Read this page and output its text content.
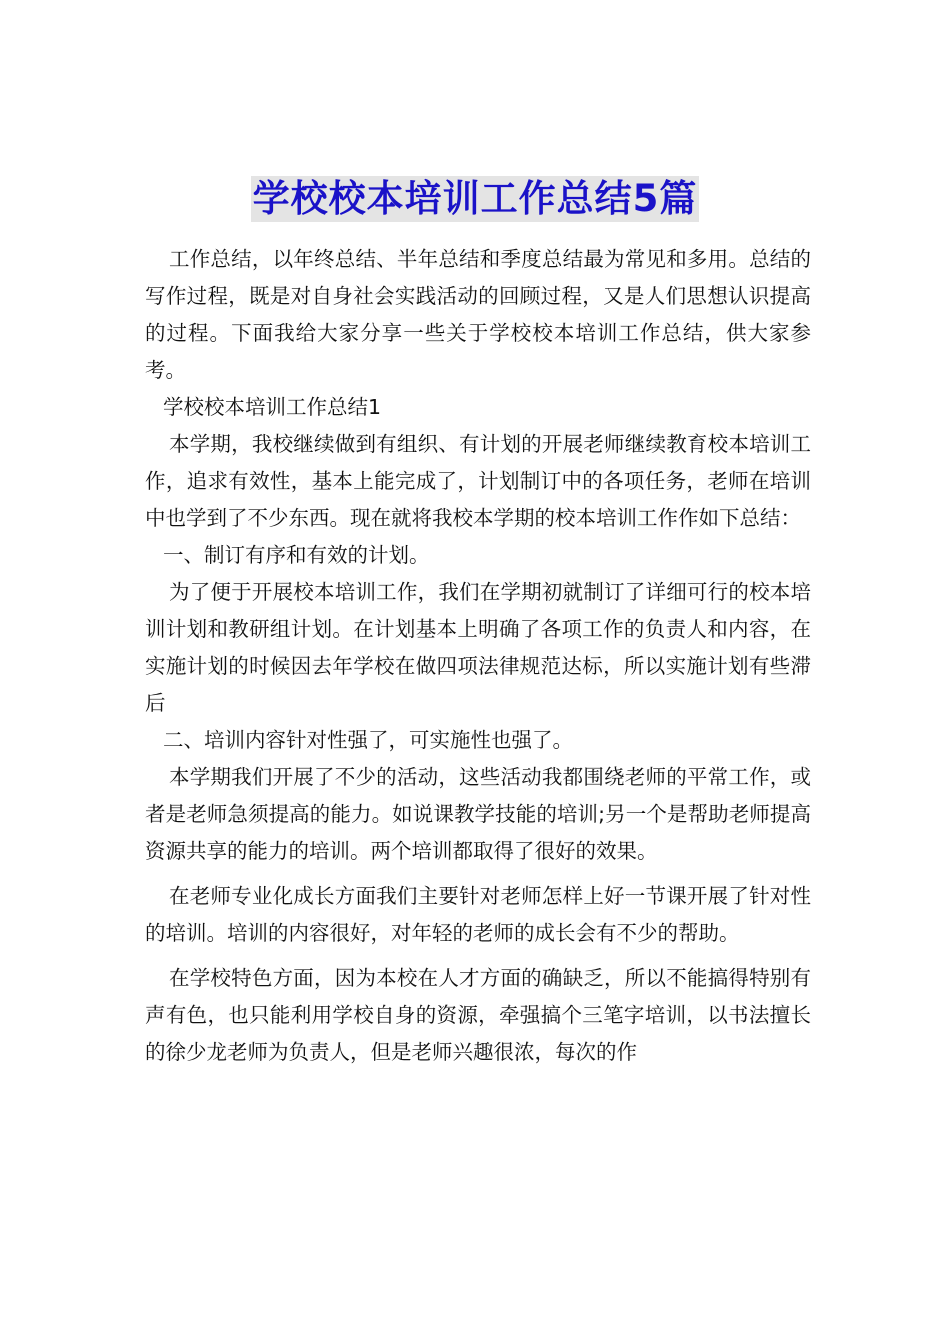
学校校本培训工作总结5篇

工作总结，以年终总结、半年总结和季度总结最为常见和多用。总结的写作过程，既是对自身社会实践活动的回顾过程，又是人们思想认识提高的过程。下面我给大家分享一些关于学校校本培训工作总结，供大家参考。

学校校本培训工作总结1

本学期，我校继续做到有组织、有计划的开展老师继续教育校本培训工作，追求有效性，基本上能完成了，计划制订中的各项任务，老师在培训中也学到了不少东西。现在就将我校本学期的校本培训工作作如下总结：

一、制订有序和有效的计划。

为了便于开展校本培训工作，我们在学期初就制订了详细可行的校本培训计划和教研组计划。在计划基本上明确了各项工作的负责人和内容，在实施计划的时候因去年学校在做四项法律规范达标，所以实施计划有些滞后

二、培训内容针对性强了，可实施性也强了。

本学期我们开展了不少的活动，这些活动我都围绕老师的平常工作，或者是老师急须提高的能力。如说课教学技能的培训;另一个是帮助老师提高资源共享的能力的培训。两个培训都取得了很好的效果。

在老师专业化成长方面我们主要针对老师怎样上好一节课开展了针对性的培训。培训的内容很好，对年轻的老师的成长会有不少的帮助。

在学校特色方面，因为本校在人才方面的确缺乏，所以不能搞得特别有声有色，也只能利用学校自身的资源，牵强搞个三笔字培训，以书法擅长的徐少龙老师为负责人，但是老师兴趣很浓，每次的作
